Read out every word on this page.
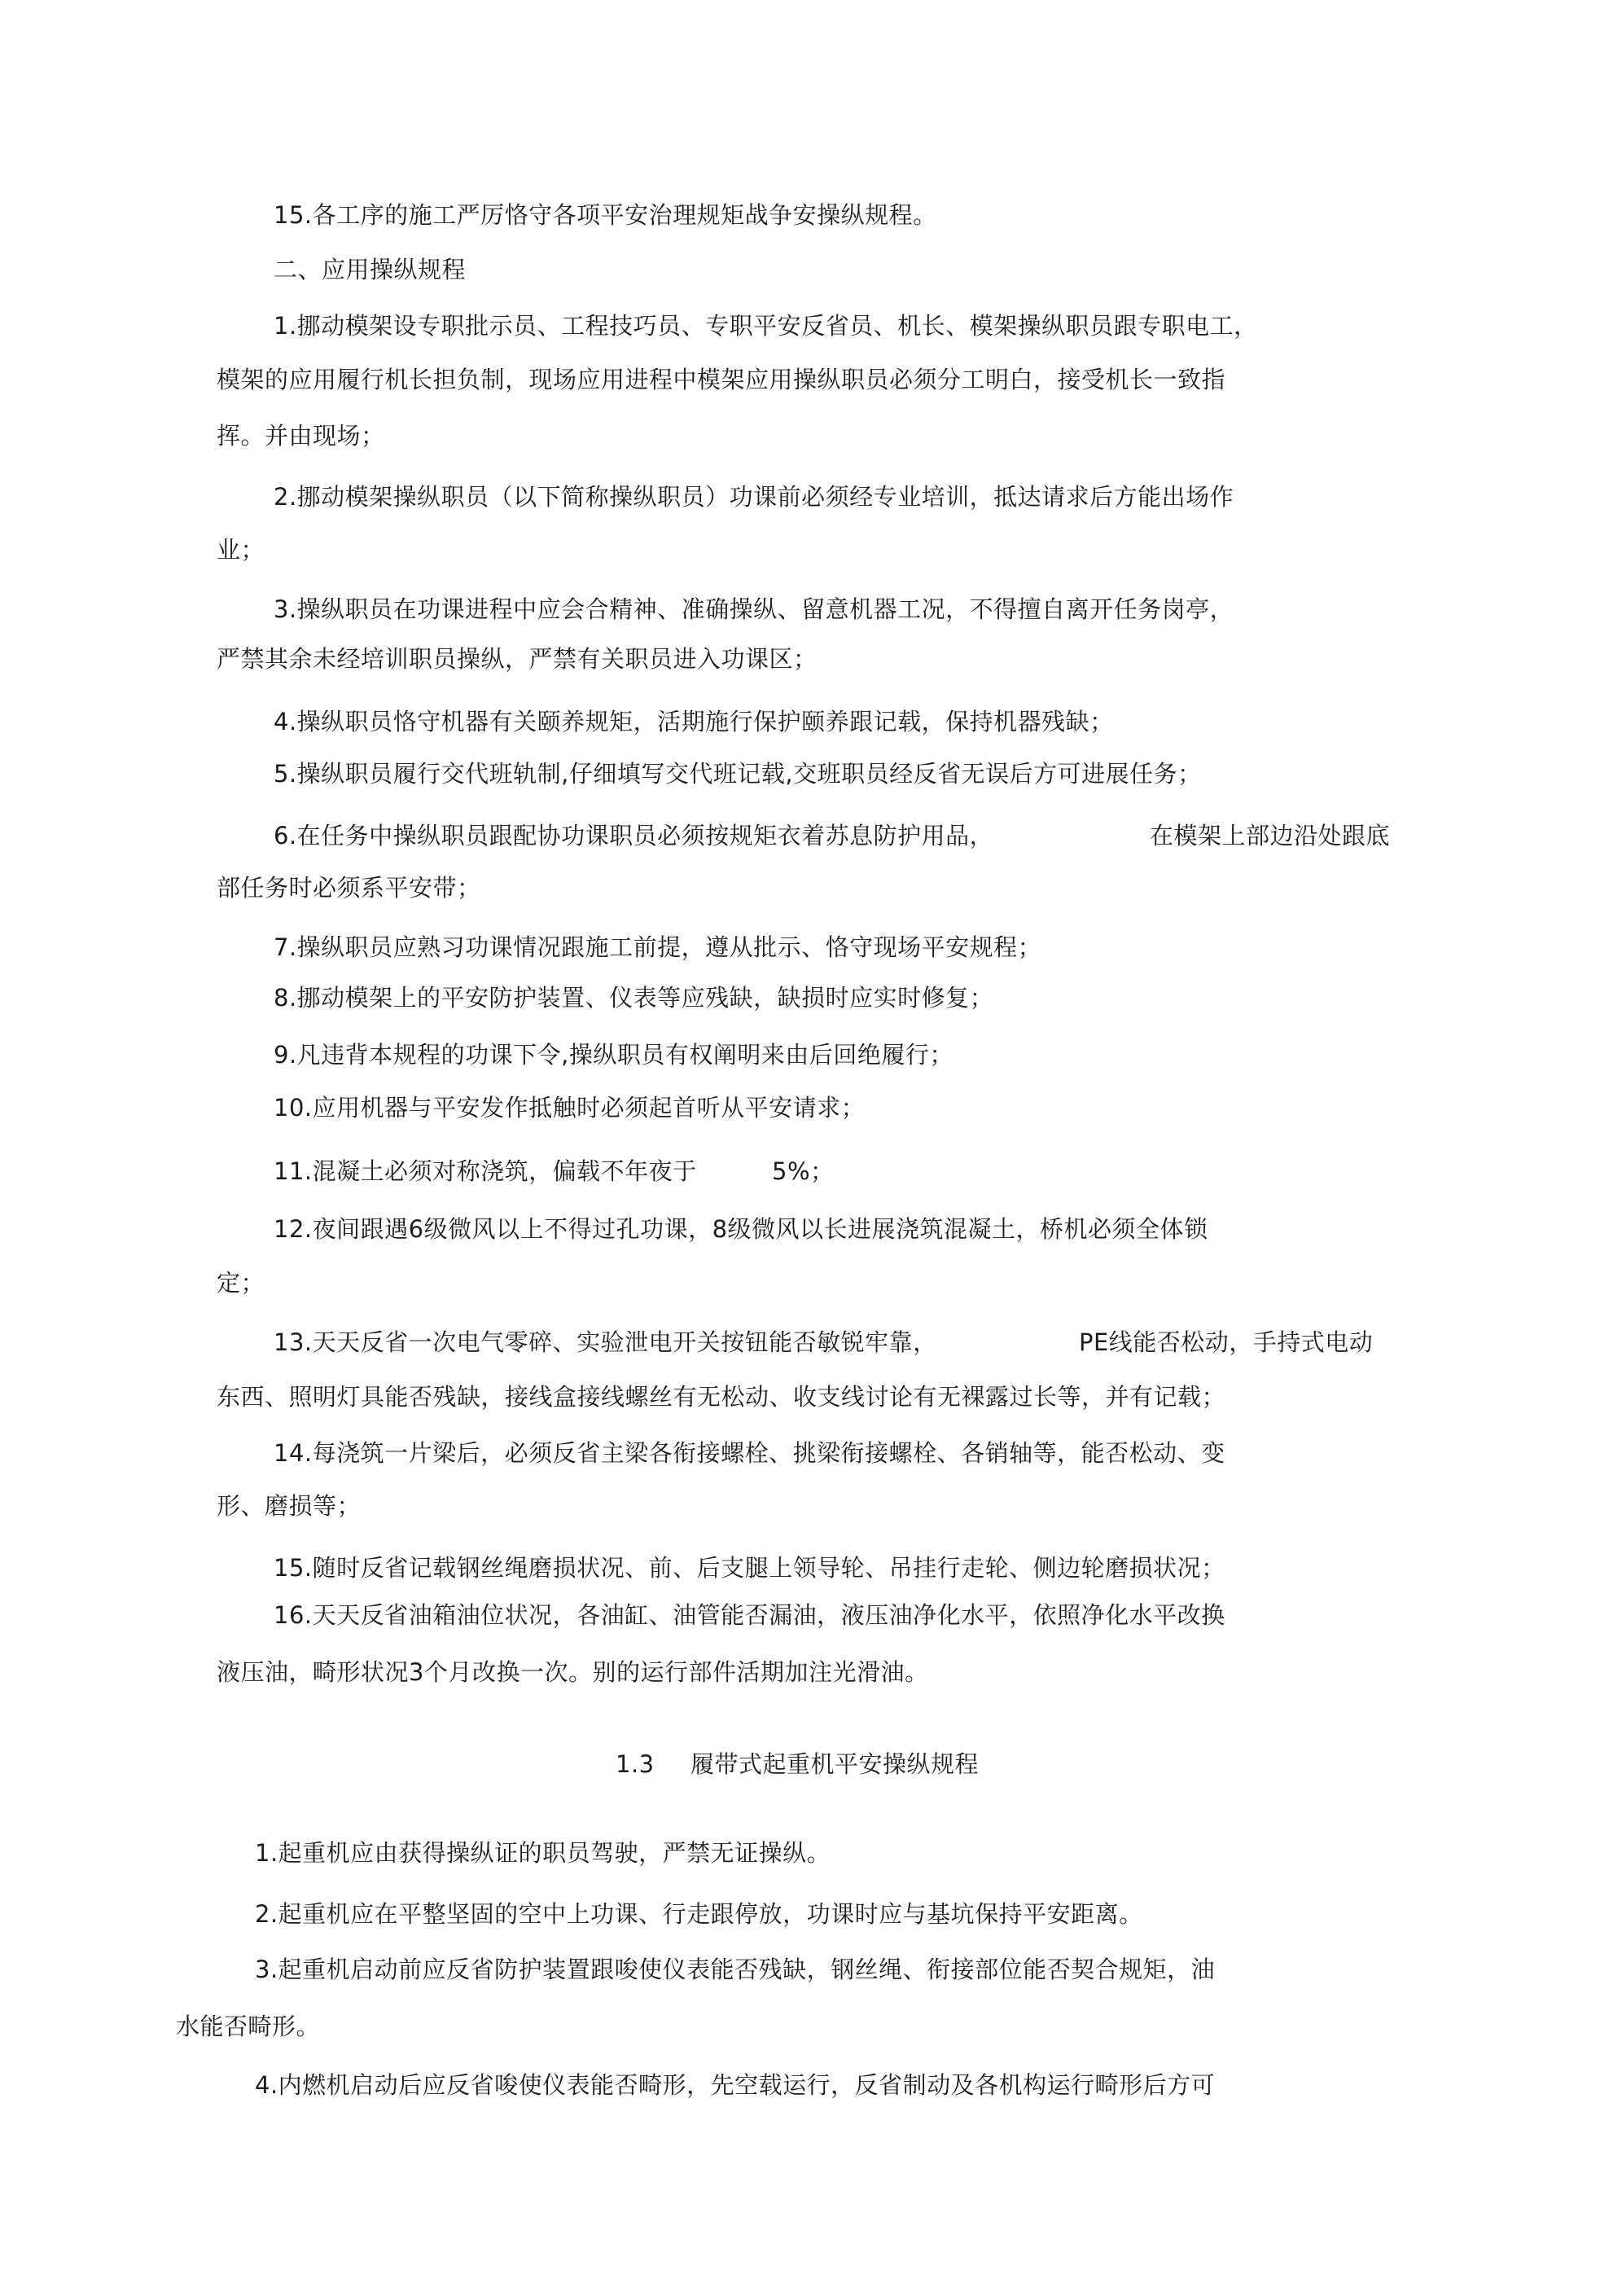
15.各工序的施工严厉恪守各项平安治理规矩战争安操纵规程。
二、应用操纵规程
1.挪动模架设专职批示员、工程技巧员、专职平安反省员、机长、模架操纵职员跟专职电工，
模架的应用履行机长担负制，现场应用进程中模架应用操纵职员必须分工明白，接受机长一致指
挥。并由现场；
2.挪动模架操纵职员（以下简称操纵职员）功课前必须经专业培训，抵达请求后方能出场作
业；
3.操纵职员在功课进程中应会合精神、准确操纵、留意机器工况，不得擅自离开任务岗亭，
严禁其余未经培训职员操纵，严禁有关职员进入功课区；
4.操纵职员恪守机器有关颐养规矩，活期施行保护颐养跟记载，保持机器残缺；
5.操纵职员履行交代班轨制,仔细填写交代班记载,交班职员经反省无误后方可进展任务；
6.在任务中操纵职员跟配协功课职员必须按规矩衣着苏息防护用品，	在模架上部边沿处跟底
部任务时必须系平安带；
7.操纵职员应熟习功课情况跟施工前提，遵从批示、恪守现场平安规程；
8.挪动模架上的平安防护装置、仪表等应残缺，缺损时应实时修复；
9.凡违背本规程的功课下令,操纵职员有权阐明来由后回绝履行；
10.应用机器与平安发作抵触时必须起首听从平安请求；
11.混凝土必须对称浇筑，偏载不年夜于	5%；
12.夜间跟遇6级微风以上不得过孔功课，8级微风以长进展浇筑混凝土，桥机必须全体锁
定；
13.天天反省一次电气零碎、实验泄电开关按钮能否敏锐牢靠，	PE线能否松动，手持式电动
东西、照明灯具能否残缺，接线盒接线螺丝有无松动、收支线讨论有无裸露过长等，并有记载；
14.每浇筑一片梁后，必须反省主梁各衔接螺栓、挑梁衔接螺栓、各销轴等，能否松动、变
形、磨损等；
15.随时反省记载钢丝绳磨损状况、前、后支腿上领导轮、吊挂行走轮、侧边轮磨损状况；
16.天天反省油箱油位状况，各油缸、油管能否漏油，液压油净化水平，依照净化水平改换
液压油，畸形状况3个月改换一次。别的运行部件活期加注光滑油。
1.3 履带式起重机平安操纵规程
1.起重机应由获得操纵证的职员驾驶，严禁无证操纵。
2.起重机应在平整坚固的空中上功课、行走跟停放，功课时应与基坑保持平安距离。
3.起重机启动前应反省防护装置跟唆使仪表能否残缺，钢丝绳、衔接部位能否契合规矩，油
水能否畸形。
4.内燃机启动后应反省唆使仪表能否畸形，先空载运行，反省制动及各机构运行畸形后方可
